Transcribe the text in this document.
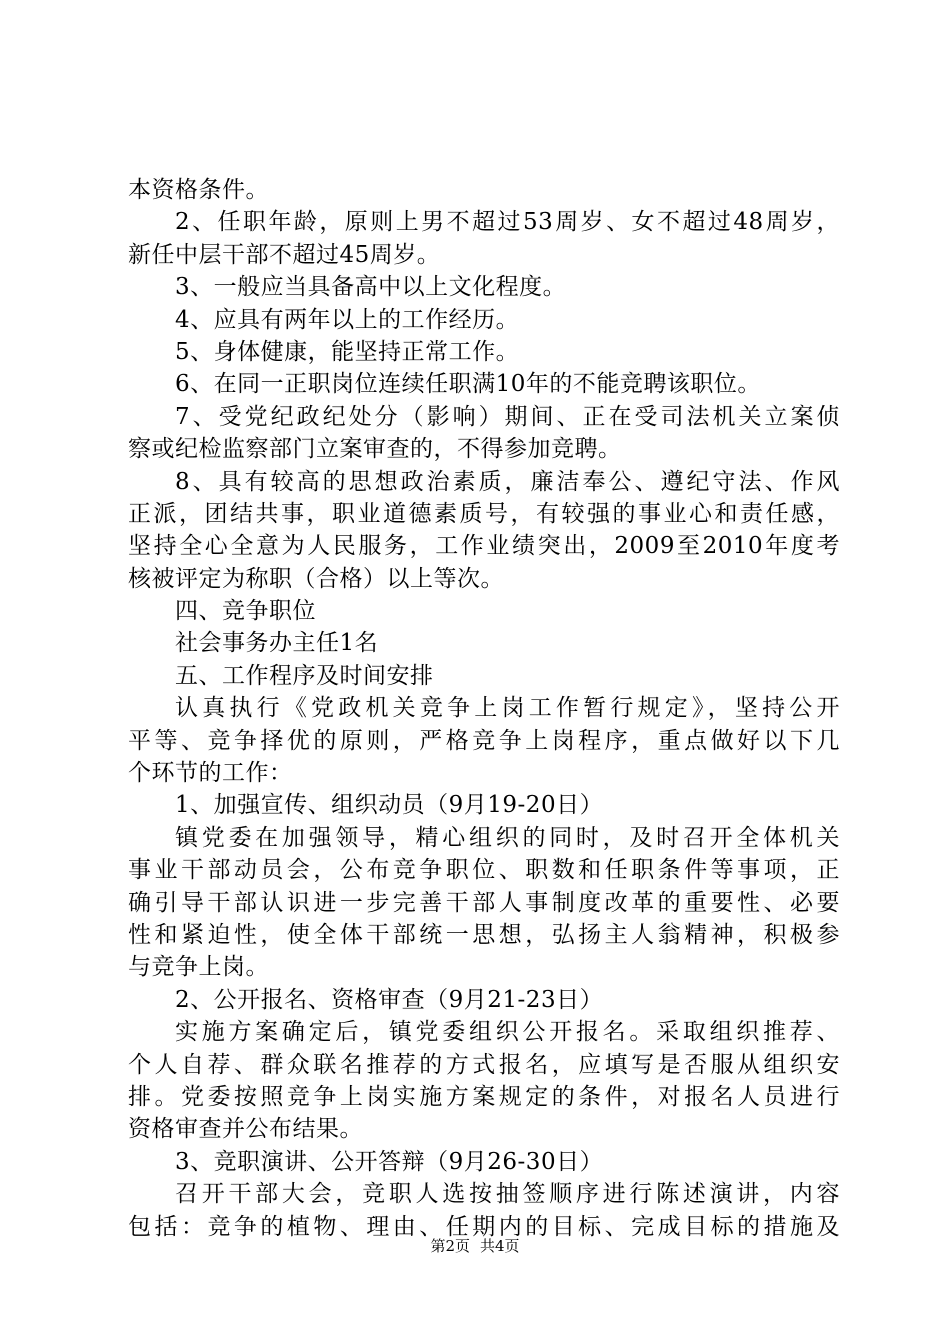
本资格条件。
2、任职年龄，原则上男不超过53周岁、女不超过48周岁，
新任中层干部不超过45周岁。
3、一般应当具备高中以上文化程度。
4、应具有两年以上的工作经历。
5、身体健康，能坚持正常工作。
6、在同一正职岗位连续任职满10年的不能竞聘该职位。
7、受党纪政纪处分（影响）期间、正在受司法机关立案侦
察或纪检监察部门立案审查的，不得参加竞聘。
8、具有较高的思想政治素质，廉洁奉公、遵纪守法、作风
正派，团结共事，职业道德素质号，有较强的事业心和责任感，
坚持全心全意为人民服务，工作业绩突出，2009至2010年度考
核被评定为称职（合格）以上等次。
四、竞争职位
社会事务办主任1名
五、工作程序及时间安排
认真执行《党政机关竞争上岗工作暂行规定》，坚持公开
平等、竞争择优的原则，严格竞争上岗程序，重点做好以下几
个环节的工作：
1、加强宣传、组织动员（9月19-20日）
镇党委在加强领导，精心组织的同时，及时召开全体机关
事业干部动员会，公布竞争职位、职数和任职条件等事项，正
确引导干部认识进一步完善干部人事制度改革的重要性、必要
性和紧迫性，使全体干部统一思想，弘扬主人翁精神，积极参
与竞争上岗。
2、公开报名、资格审查（9月21-23日）
实施方案确定后，镇党委组织公开报名。采取组织推荐、
个人自荐、群众联名推荐的方式报名，应填写是否服从组织安
排。党委按照竞争上岗实施方案规定的条件，对报名人员进行
资格审查并公布结果。
3、竞职演讲、公开答辩（9月26-30日）
召开干部大会，竞职人选按抽签顺序进行陈述演讲，内容
包括：竞争的植物、理由、任期内的目标、完成目标的措施及
第2页 共4页
